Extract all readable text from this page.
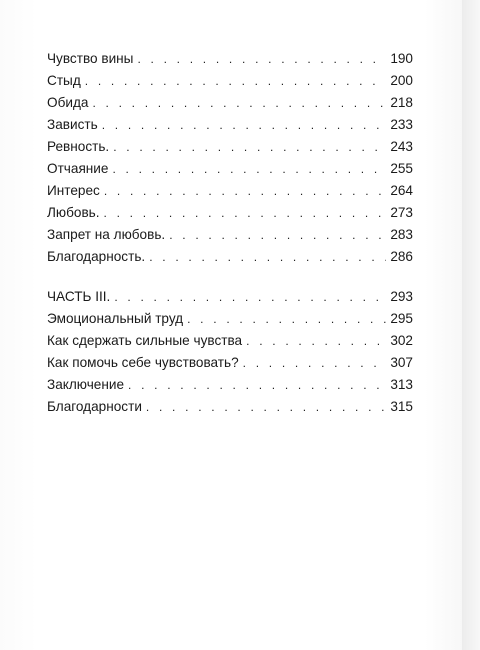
Чувство вины . . .	190
Стыд . . .	200
Обида . . .	218
Зависть . . .	233
Ревность. . . .	243
Отчаяние . . .	255
Интерес . . .	264
Любовь. . . .	273
Запрет на любовь. . . .	283
Благодарность. . . .	286
ЧАСТЬ III. . . .	293
Эмоциональный труд . . .	295
Как сдержать сильные чувства . . .	302
Как помочь себе чувствовать? . . .	307
Заключение . . .	313
Благодарности . . .	315
